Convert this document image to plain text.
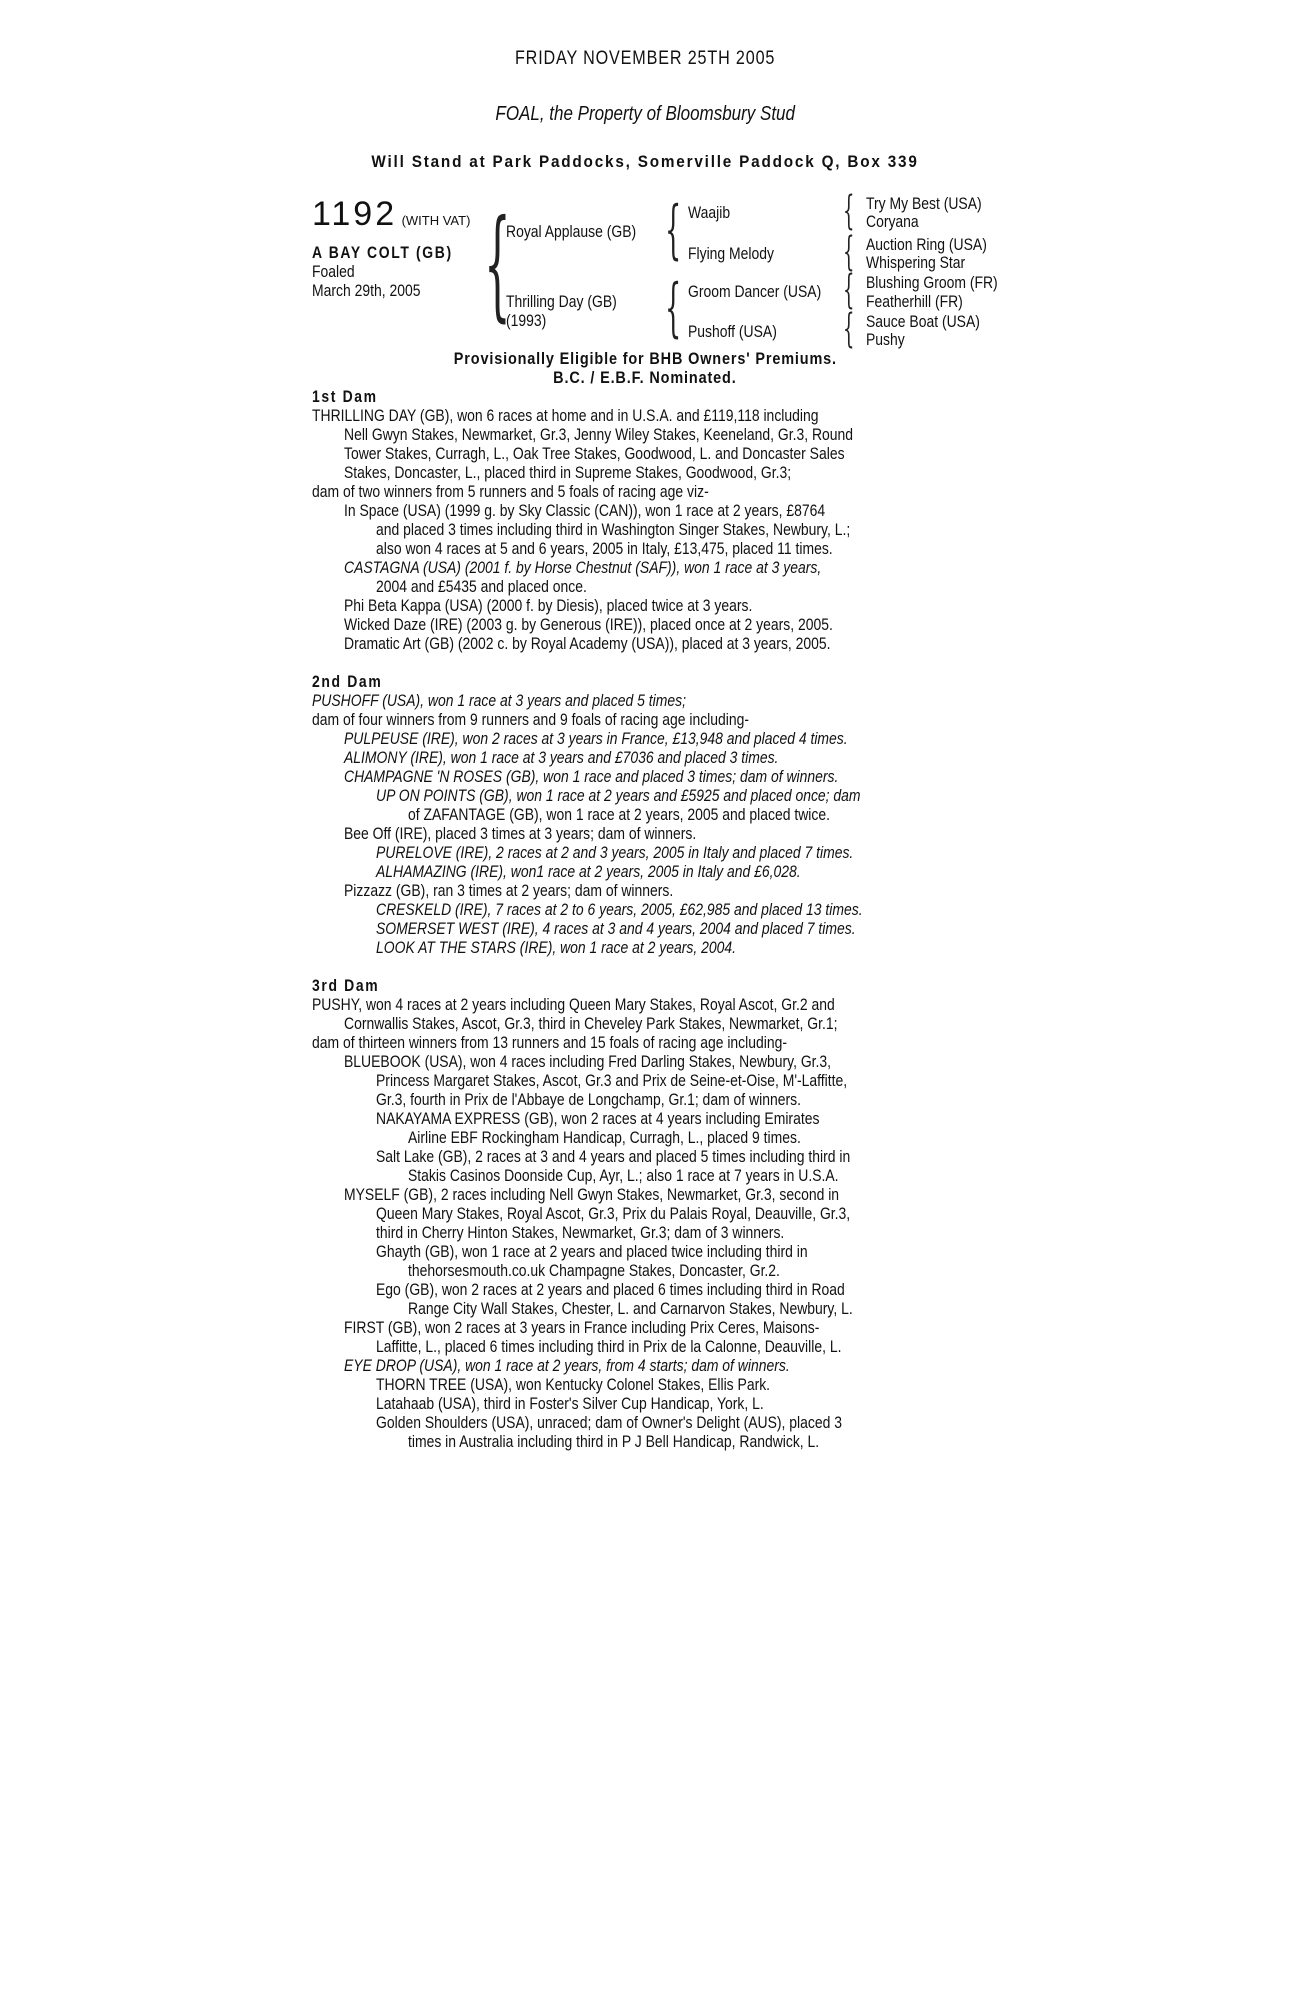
FRIDAY NOVEMBER 25TH 2005
FOAL, the Property of Bloomsbury Stud
Will Stand at Park Paddocks, Somerville Paddock Q, Box 339
1192 (WITH VAT)
A BAY COLT (GB)
Foaled
March 29th, 2005 {
Royal Applause (GB)
Thrilling Day (GB)
(1993)
{ Waajib
Flying Melody
{ Groom Dancer (USA)
Pushoff (USA)
{ Try My Best (USA)
Coryana
{ Auction Ring (USA)
Whispering Star
{ Blushing Groom (FR)
Featherhill (FR)
{ Sauce Boat (USA)
Pushy
Provisionally Eligible for BHB Owners' Premiums.
B.C. / E.B.F. Nominated.
1st Dam
THRILLING DAY (GB), won 6 races at home and in U.S.A. and £119,118 including
Nell Gwyn Stakes, Newmarket, Gr.3, Jenny Wiley Stakes, Keeneland, Gr.3, Round
Tower Stakes, Curragh, L., Oak Tree Stakes, Goodwood, L. and Doncaster Sales
Stakes, Doncaster, L., placed third in Supreme Stakes, Goodwood, Gr.3;
dam of two winners from 5 runners and 5 foals of racing age viz-
In Space (USA) (1999 g. by Sky Classic (CAN)), won 1 race at 2 years, £8764
and placed 3 times including third in Washington Singer Stakes, Newbury, L.;
also won 4 races at 5 and 6 years, 2005 in Italy, £13,475, placed 11 times.
CASTAGNA (USA) (2001 f. by Horse Chestnut (SAF)), won 1 race at 3 years,
2004 and £5435 and placed once.
Phi Beta Kappa (USA) (2000 f. by Diesis), placed twice at 3 years.
Wicked Daze (IRE) (2003 g. by Generous (IRE)), placed once at 2 years, 2005.
Dramatic Art (GB) (2002 c. by Royal Academy (USA)), placed at 3 years, 2005.
2nd Dam
PUSHOFF (USA), won 1 race at 3 years and placed 5 times;
dam of four winners from 9 runners and 9 foals of racing age including-
PULPEUSE (IRE), won 2 races at 3 years in France, £13,948 and placed 4 times.
ALIMONY (IRE), won 1 race at 3 years and £7036 and placed 3 times.
CHAMPAGNE 'N ROSES (GB), won 1 race and placed 3 times; dam of winners.
UP ON POINTS (GB), won 1 race at 2 years and £5925 and placed once; dam
of ZAFANTAGE (GB), won 1 race at 2 years, 2005 and placed twice.
Bee Off (IRE), placed 3 times at 3 years; dam of winners.
PURELOVE (IRE), 2 races at 2 and 3 years, 2005 in Italy and placed 7 times.
ALHAMAZING (IRE), won1 race at 2 years, 2005 in Italy and £6,028.
Pizzazz (GB), ran 3 times at 2 years; dam of winners.
CRESKELD (IRE), 7 races at 2 to 6 years, 2005, £62,985 and placed 13 times.
SOMERSET WEST (IRE), 4 races at 3 and 4 years, 2004 and placed 7 times.
LOOK AT THE STARS (IRE), won 1 race at 2 years, 2004.
3rd Dam
PUSHY, won 4 races at 2 years including Queen Mary Stakes, Royal Ascot, Gr.2 and
Cornwallis Stakes, Ascot, Gr.3, third in Cheveley Park Stakes, Newmarket, Gr.1;
dam of thirteen winners from 13 runners and 15 foals of racing age including-
BLUEBOOK (USA), won 4 races including Fred Darling Stakes, Newbury, Gr.3,
Princess Margaret Stakes, Ascot, Gr.3 and Prix de Seine-et-Oise, M'-Laffitte,
Gr.3, fourth in Prix de l'Abbaye de Longchamp, Gr.1; dam of winners.
NAKAYAMA EXPRESS (GB), won 2 races at 4 years including Emirates
Airline EBF Rockingham Handicap, Curragh, L., placed 9 times.
Salt Lake (GB), 2 races at 3 and 4 years and placed 5 times including third in
Stakis Casinos Doonside Cup, Ayr, L.; also 1 race at 7 years in U.S.A.
MYSELF (GB), 2 races including Nell Gwyn Stakes, Newmarket, Gr.3, second in
Queen Mary Stakes, Royal Ascot, Gr.3, Prix du Palais Royal, Deauville, Gr.3,
third in Cherry Hinton Stakes, Newmarket, Gr.3; dam of 3 winners.
Ghayth (GB), won 1 race at 2 years and placed twice including third in
thehorsesmouth.co.uk Champagne Stakes, Doncaster, Gr.2.
Ego (GB), won 2 races at 2 years and placed 6 times including third in Road
Range City Wall Stakes, Chester, L. and Carnarvon Stakes, Newbury, L.
FIRST (GB), won 2 races at 3 years in France including Prix Ceres, Maisons-
Laffitte, L., placed 6 times including third in Prix de la Calonne, Deauville, L.
EYE DROP (USA), won 1 race at 2 years, from 4 starts; dam of winners.
THORN TREE (USA), won Kentucky Colonel Stakes, Ellis Park.
Latahaab (USA), third in Foster's Silver Cup Handicap, York, L.
Golden Shoulders (USA), unraced; dam of Owner's Delight (AUS), placed 3
times in Australia including third in P J Bell Handicap, Randwick, L.
